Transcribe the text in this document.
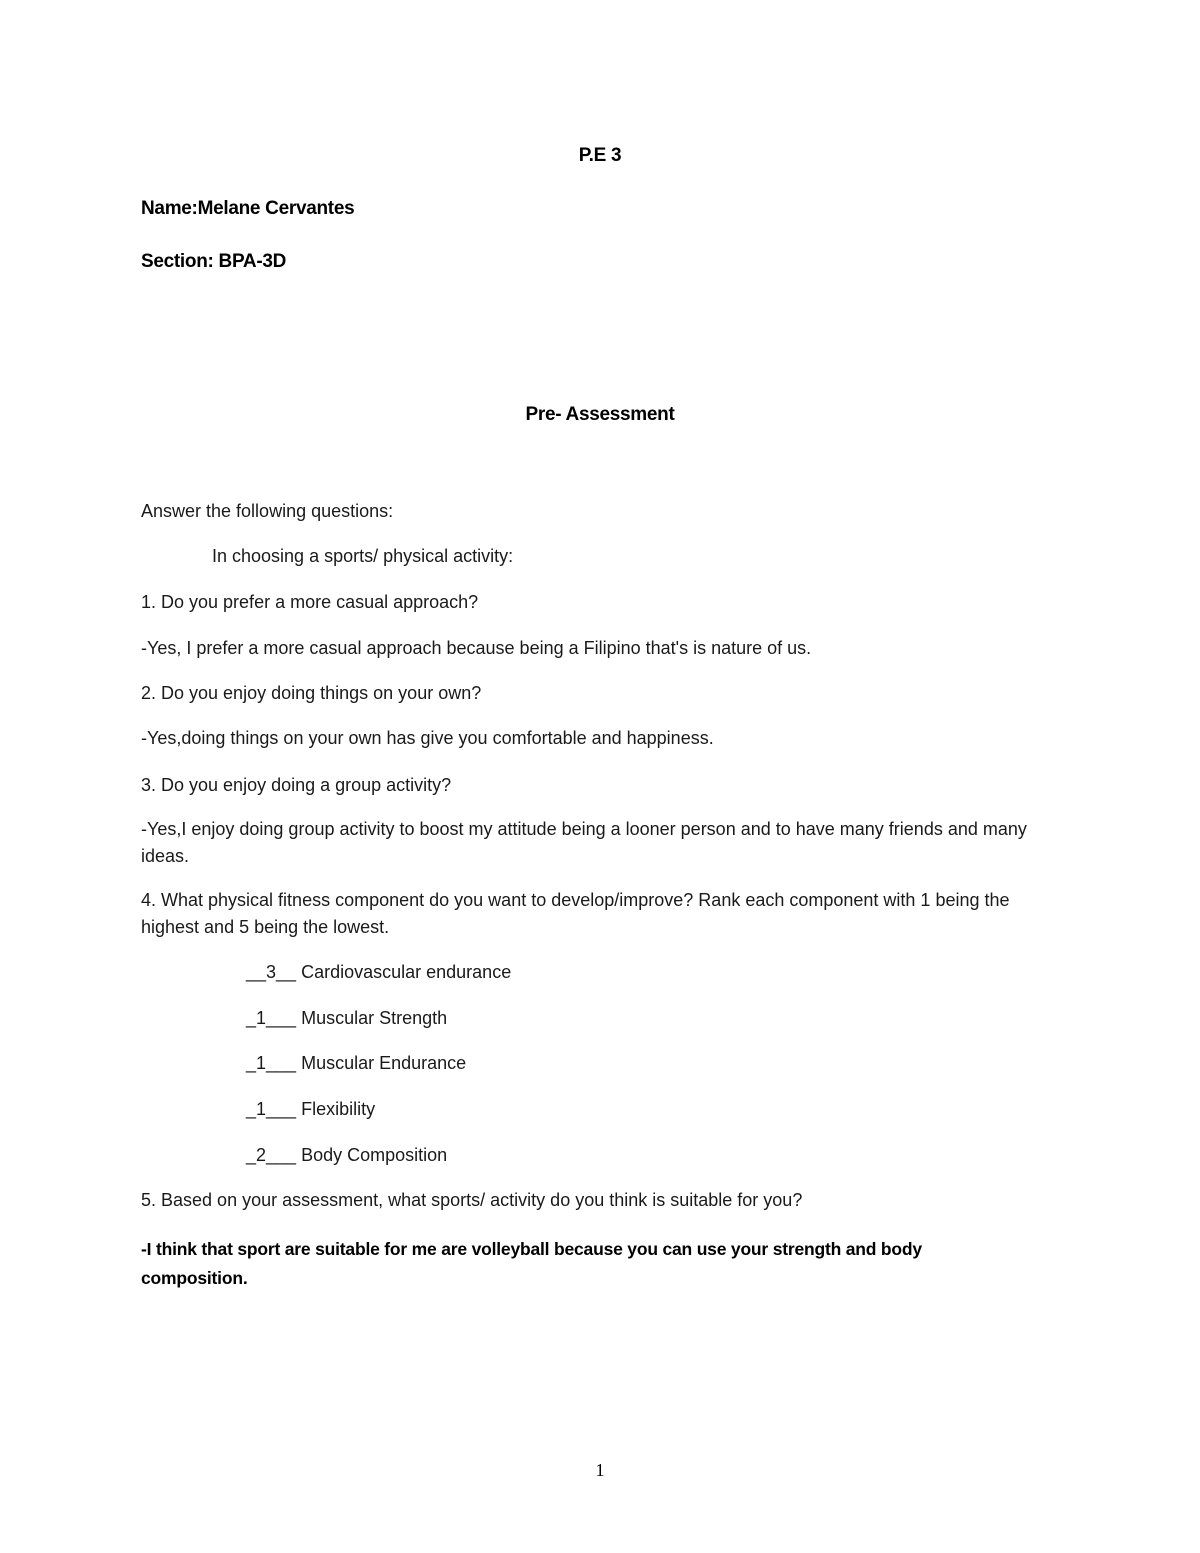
P.E 3

Name:Melane Cervantes

Section: BPA-3D

Pre- Assessment

Answer the following questions:

In choosing a sports/ physical activity:

1. Do you prefer a more casual approach?

-Yes, I prefer a more casual approach because being a Filipino that's is nature of us.

2. Do you enjoy doing things on your own?

-Yes,doing things on your own has give you comfortable and happiness.

3. Do you enjoy doing a group activity?

-Yes,I enjoy doing group activity to boost my attitude being a looner person and to have many friends and many ideas.

4. What physical fitness component do you want to develop/improve? Rank each component with 1 being the highest and 5 being the lowest.

__3__ Cardiovascular endurance
_1___ Muscular Strength
_1___ Muscular Endurance
_1___ Flexibility
_2___ Body Composition

5. Based on your assessment, what sports/ activity do you think is suitable for you?

-I think that sport are suitable for me are volleyball because you can use your strength and body composition.

1
